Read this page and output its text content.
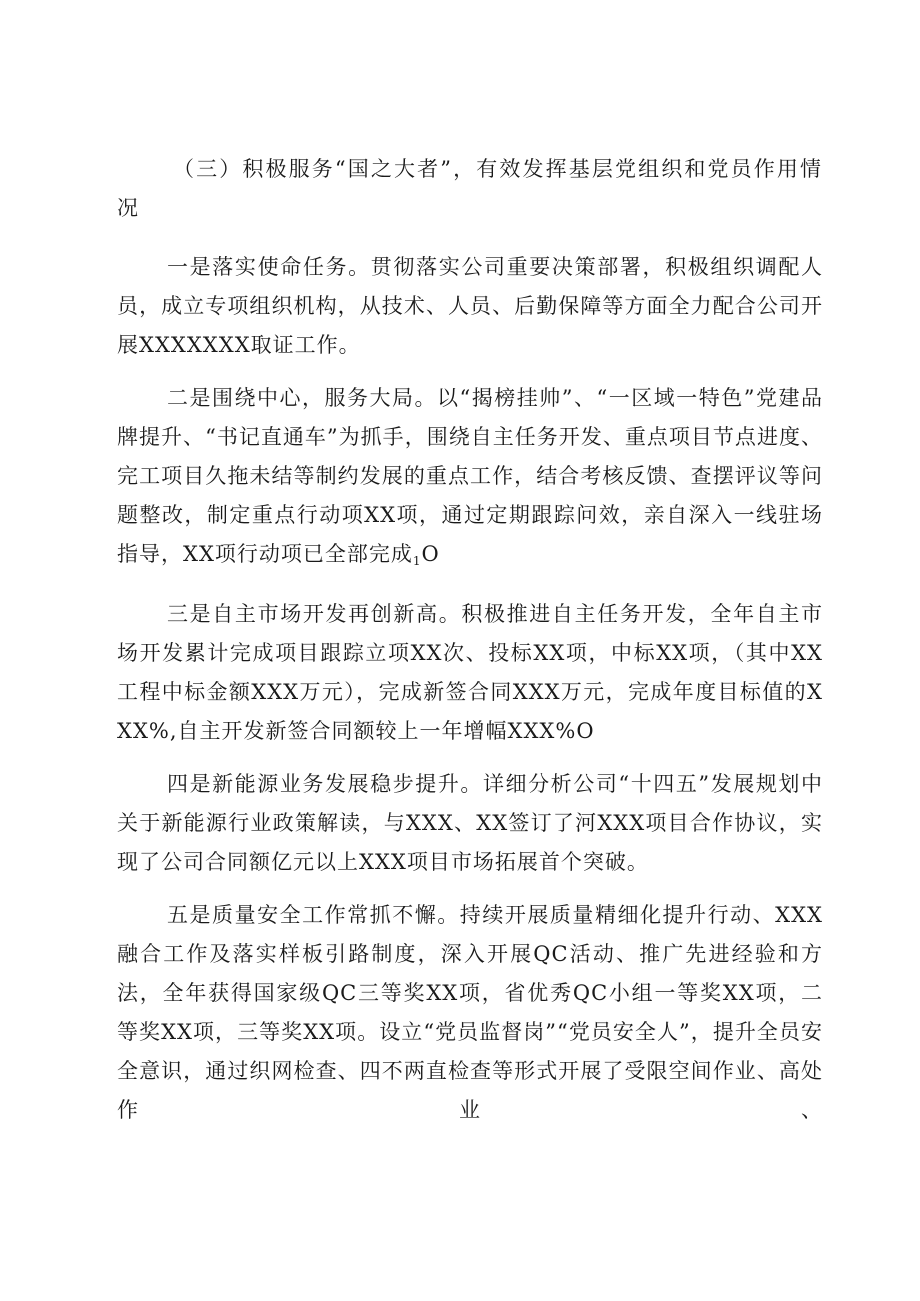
（三）积极服务“国之大者”，有效发挥基层党组织和党员作用情况

一是落实使命任务。贯彻落实公司重要决策部署，积极组织调配人员，成立专项组织机构，从技术、人员、后勤保障等方面全力配合公司开展XXXXXXX取证工作。

二是围绕中心，服务大局。以“揭榜挂帅”、“一区域一特色”党建品牌提升、“书记直通车”为抓手，围绕自主任务开发、重点项目节点进度、完工项目久拖未结等制约发展的重点工作，结合考核反馈、查摆评议等问题整改，制定重点行动项XX项，通过定期跟踪问效，亲自深入一线驻场指导，XX项行动项已全部完成$_1$O

三是自主市场开发再创新高。积极推进自主任务开发，全年自主市场开发累计完成项目跟踪立项XX次、投标XX项，中标XX项，（其中XX工程中标金额XXX万元），完成新签合同XXX万元，完成年度目标值的XXX%,自主开发新签合同额较上一年增幅XXX%O

四是新能源业务发展稳步提升。详细分析公司“十四五”发展规划中关于新能源行业政策解读，与XXX、XX签订了河XXX项目合作协议，实现了公司合同额亿元以上XXX项目市场拓展首个突破。

五是质量安全工作常抓不懈。持续开展质量精细化提升行动、XXX融合工作及落实样板引路制度，深入开展QC活动、推广先进经验和方法，全年获得国家级QC三等奖XX项，省优秀QC小组一等奖XX项，二等奖XX项，三等奖XX项。设立“党员监督岗”“党员安全人”，提升全员安全意识，通过织网检查、四不两直检查等形式开展了受限空间作业、高处作业、
